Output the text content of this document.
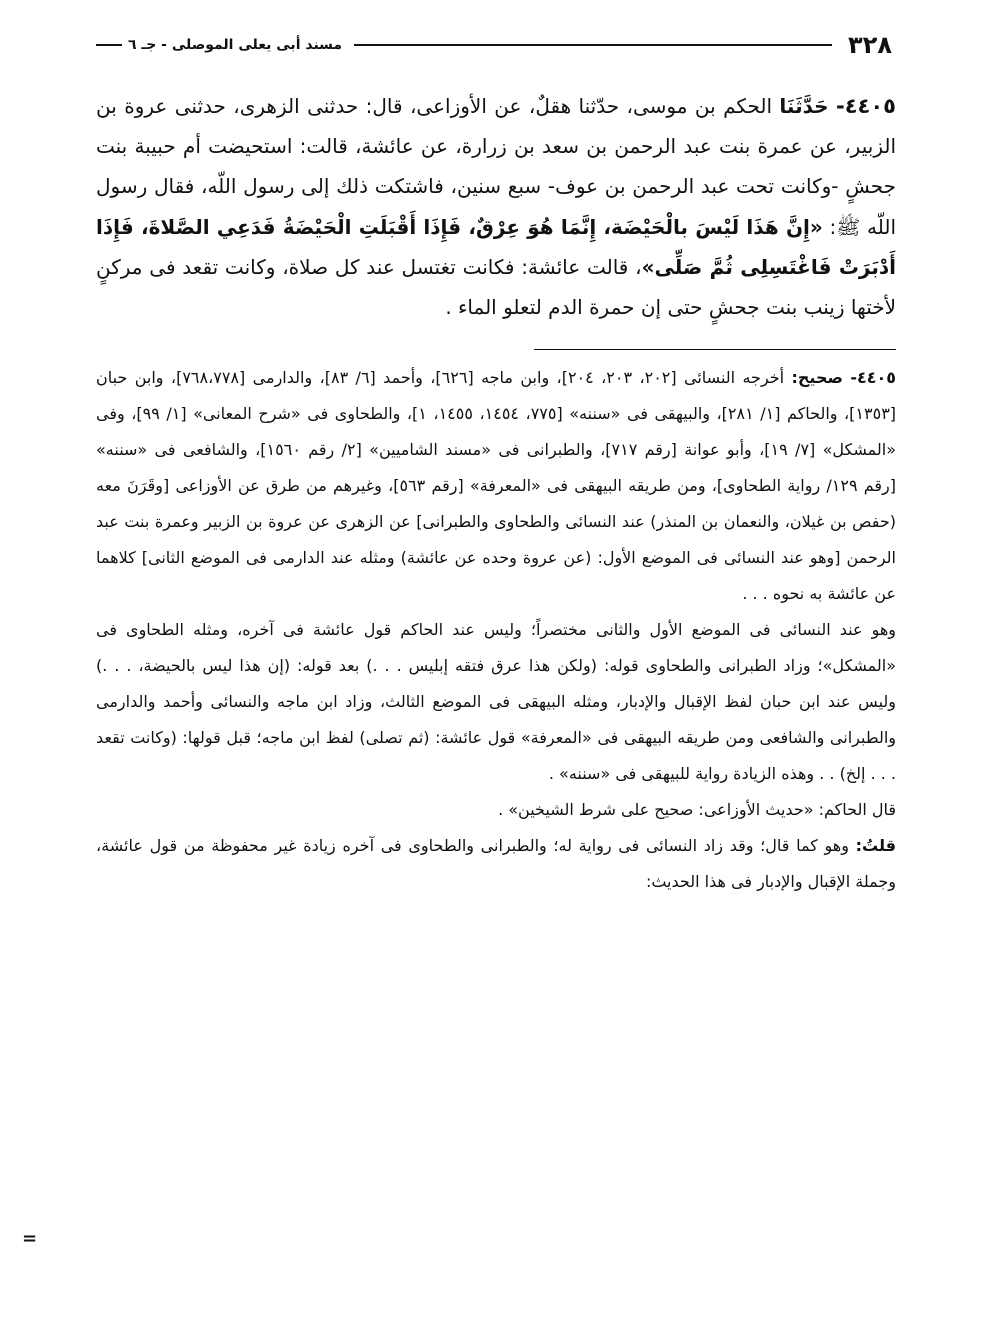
٣٢٨
مسند أبى يعلى الموصلى - جـ ٦

٤٤٠٥- حَدَّثَنَا الحكم بن موسى، حدّثنا هقلٌ، عن الأوزاعى، قال: حدثنى الزهرى، حدثنى عروة بن الزبير، عن عمرة بنت عبد الرحمن بن سعد بن زرارة، عن عائشة، قالت: استحيضت أم حبيبة بنت جحشٍ -وكانت تحت عبد الرحمن بن عوف- سبع سنين، فاشتكت ذلك إلى رسول اللّه، فقال رسول اللّه ﷺ: «إِنَّ هَذَا لَيْسَ بالْحَيْضَة، إِنَّمَا هُوَ عِرْقٌ، فَإِذَا أَقْبَلَتِ الْحَيْضَةُ فَدَعِي الصَّلاةَ، فَإِذَا أَدْبَرَتْ فَاغْتَسِلِى ثُمَّ صَلِّى»، قالت عائشة: فكانت تغتسل عند كل صلاة، وكانت تقعد فى مركنٍ لأختها زينب بنت جحشٍ حتى إن حمرة الدم لتعلو الماء .

٤٤٠٥- صحيح: أخرجه النسائى [٢٠٢، ٢٠٣، ٢٠٤]، وابن ماجه [٦٢٦]، وأحمد [٦/ ٨٣]، والدارمى [٧٦٨،٧٧٨]، وابن حبان [١٣٥٣]، والحاكم [١/ ٢٨١]، والبيهقى فى «سننه» [٧٧٥، ١٤٥٤، ١٤٥٥، ١]، والطحاوى فى «شرح المعانى» [١/ ٩٩]، وفى «المشكل» [٧/ ١٩]، وأبو عوانة [رقم ٧١٧]، والطبرانى فى «مسند الشاميين» [٢/ رقم ١٥٦٠]، والشافعى فى «سننه» [رقم ١٢٩/ رواية الطحاوى]، ومن طريقه البيهقى فى «المعرفة» [رقم ٥٦٣]، وغيرهم من طرق عن الأوزاعى [وقَرَنَ معه (حفص بن غيلان، والنعمان بن المنذر) عند النسائى والطحاوى والطبرانى] عن الزهرى عن عروة بن الزبير وعمرة بنت عبد الرحمن [وهو عند النسائى فى الموضع الأول: (عن عروة وحده عن عائشة) ومثله عند الدارمى فى الموضع الثانى] كلاهما عن عائشة به نحوه . . .

وهو عند النسائى فى الموضع الأول والثانى مختصراً؛ وليس عند الحاكم قول عائشة فى آخره، ومثله الطحاوى فى «المشكل»؛ وزاد الطبرانى والطحاوى قوله: (ولكن هذا عرق فتقه إبليس . . .) بعد قوله: (إن هذا ليس بالحيضة، . . .) وليس عند ابن حبان لفظ الإقبال والإدبار، ومثله البيهقى فى الموضع الثالث، وزاد ابن ماجه والنسائى وأحمد والدارمى والطبرانى والشافعى ومن طريقه البيهقى فى «المعرفة» قول عائشة: (ثم تصلى) لفظ ابن ماجه؛ قبل قولها: (وكانت تقعد . . . إلخ) . . وهذه الزيادة رواية للبيهقى فى «سننه» .

قال الحاكم: «حديث الأوزاعى: صحيح على شرط الشيخين» .

قلتُ: وهو كما قال؛ وقد زاد النسائى فى رواية له؛ والطبرانى والطحاوى فى آخره زيادة غير محفوظة من قول عائشة، وجملة الإقبال والإدبار فى هذا الحديث:

=
